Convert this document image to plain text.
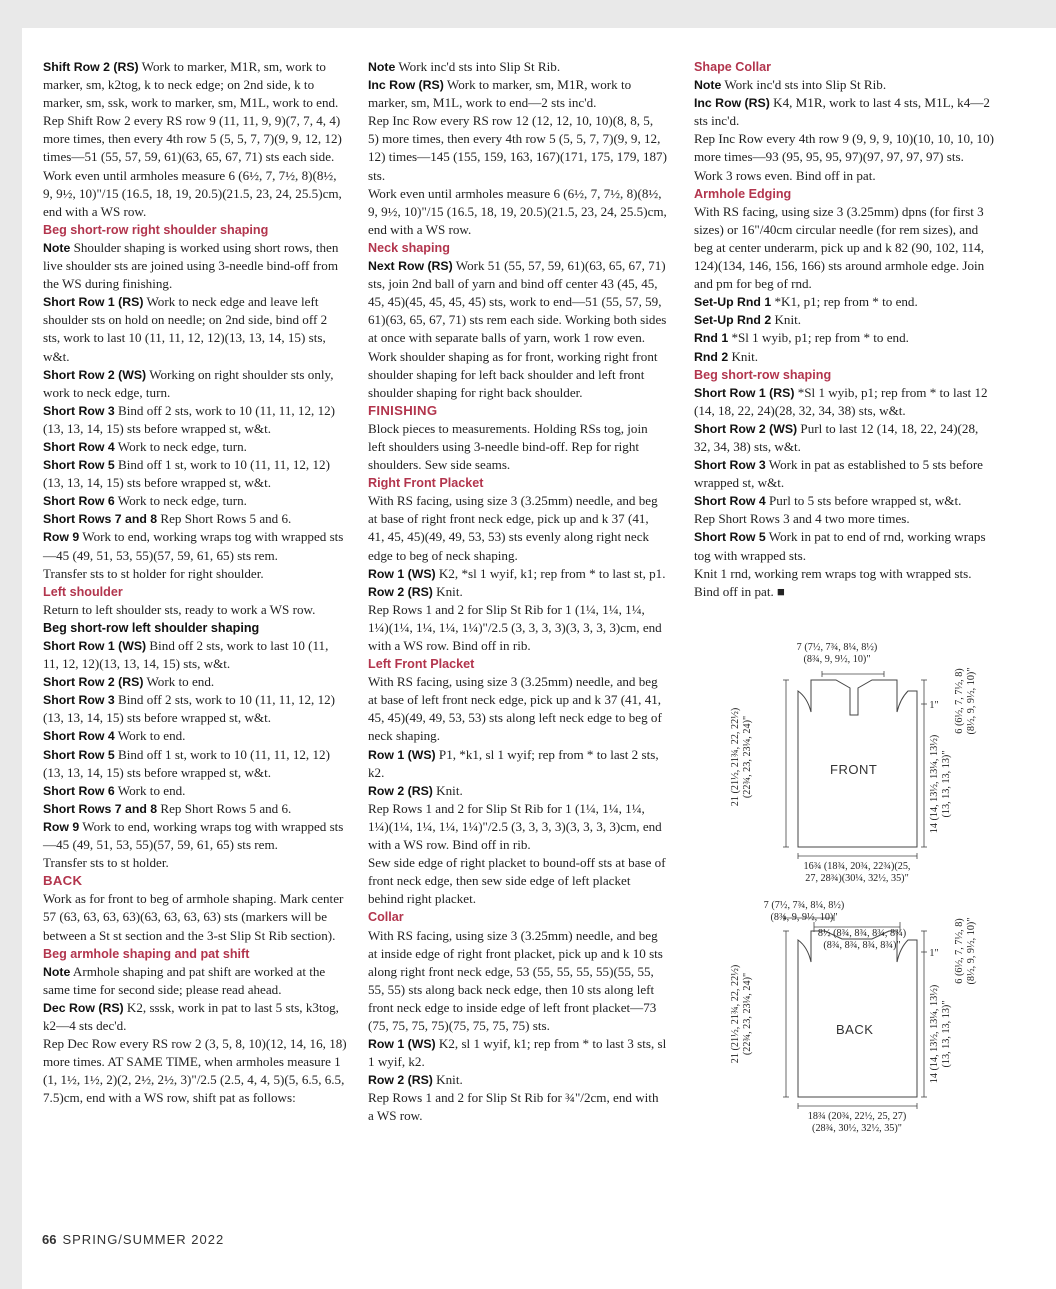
Shift Row 2 (RS) Work to marker, M1R, sm, work to marker, sm, k2tog, k to neck edge; on 2nd side, k to marker, sm, ssk, work to marker, sm, M1L, work to end.

Rep Shift Row 2 every RS row 9 (11, 11, 9, 9)(7, 7, 4, 4) more times, then every 4th row 5 (5, 5, 7, 7)(9, 9, 12, 12) times—51 (55, 57, 59, 61)(63, 65, 67, 71) sts each side.

Work even until armholes measure 6 (6½, 7, 7½, 8)(8½, 9, 9½, 10)"/15 (16.5, 18, 19, 20.5)(21.5, 23, 24, 25.5)cm, end with a WS row.

Beg short-row right shoulder shaping

Note Shoulder shaping is worked using short rows, then live shoulder sts are joined using 3-needle bind-off from the WS during finishing.

Short Row 1 (RS) Work to neck edge and leave left shoulder sts on hold on needle; on 2nd side, bind off 2 sts, work to last 10 (11, 11, 12, 12)(13, 13, 14, 15) sts, w&t.

Short Row 2 (WS) Working on right shoulder sts only, work to neck edge, turn.

Short Row 3 Bind off 2 sts, work to 10 (11, 11, 12, 12)(13, 13, 14, 15) sts before wrapped st, w&t.

Short Row 4 Work to neck edge, turn.

Short Row 5 Bind off 1 st, work to 10 (11, 11, 12, 12)(13, 13, 14, 15) sts before wrapped st, w&t.

Short Row 6 Work to neck edge, turn.

Short Rows 7 and 8 Rep Short Rows 5 and 6.

Row 9 Work to end, working wraps tog with wrapped sts—45 (49, 51, 53, 55)(57, 59, 61, 65) sts rem.

Transfer sts to st holder for right shoulder.

Left shoulder

Return to left shoulder sts, ready to work a WS row.

Beg short-row left shoulder shaping

Short Row 1 (WS) Bind off 2 sts, work to last 10 (11, 11, 12, 12)(13, 13, 14, 15) sts, w&t.

Short Row 2 (RS) Work to end.

Short Row 3 Bind off 2 sts, work to 10 (11, 11, 12, 12)(13, 13, 14, 15) sts before wrapped st, w&t.

Short Row 4 Work to end.

Short Row 5 Bind off 1 st, work to 10 (11, 11, 12, 12)(13, 13, 14, 15) sts before wrapped st, w&t.

Short Row 6 Work to end.

Short Rows 7 and 8 Rep Short Rows 5 and 6.

Row 9 Work to end, working wraps tog with wrapped sts—45 (49, 51, 53, 55)(57, 59, 61, 65) sts rem.

Transfer sts to st holder.

BACK

Work as for front to beg of armhole shaping. Mark center 57 (63, 63, 63, 63)(63, 63, 63, 63) sts (markers will be between a St st section and the 3-st Slip St Rib section).

Beg armhole shaping and pat shift

Note Armhole shaping and pat shift are worked at the same time for second side; please read ahead.

Dec Row (RS) K2, sssk, work in pat to last 5 sts, k3tog, k2—4 sts dec'd.

Rep Dec Row every RS row 2 (3, 5, 8, 10)(12, 14, 16, 18) more times. AT SAME TIME, when armholes measure 1 (1, 1½, 1½, 2)(2, 2½, 2½, 3)"/2.5 (2.5, 4, 4, 5)(5, 6.5, 6.5, 7.5)cm, end with a WS row, shift pat as follows:

Note Work inc'd sts into Slip St Rib.

Inc Row (RS) Work to marker, sm, M1R, work to marker, sm, M1L, work to end—2 sts inc'd.

Rep Inc Row every RS row 12 (12, 12, 10, 10)(8, 8, 5, 5) more times, then every 4th row 5 (5, 5, 7, 7)(9, 9, 12, 12) times—145 (155, 159, 163, 167)(171, 175, 179, 187) sts.

Work even until armholes measure 6 (6½, 7, 7½, 8)(8½, 9, 9½, 10)"/15 (16.5, 18, 19, 20.5)(21.5, 23, 24, 25.5)cm, end with a WS row.

Neck shaping

Next Row (RS) Work 51 (55, 57, 59, 61)(63, 65, 67, 71) sts, join 2nd ball of yarn and bind off center 43 (45, 45, 45, 45)(45, 45, 45, 45) sts, work to end—51 (55, 57, 59, 61)(63, 65, 67, 71) sts rem each side. Working both sides at once with separate balls of yarn, work 1 row even.

Work shoulder shaping as for front, working right front shoulder shaping for left back shoulder and left front shoulder shaping for right back shoulder.

FINISHING

Block pieces to measurements. Holding RSs tog, join left shoulders using 3-needle bind-off. Rep for right shoulders. Sew side seams.

Right Front Placket

With RS facing, using size 3 (3.25mm) needle, and beg at base of right front neck edge, pick up and k 37 (41, 41, 45, 45)(49, 49, 53, 53) sts evenly along right neck edge to beg of neck shaping.

Row 1 (WS) K2, *sl 1 wyif, k1; rep from * to last st, p1.

Row 2 (RS) Knit.

Rep Rows 1 and 2 for Slip St Rib for 1 (1¼, 1¼, 1¼, 1¼)(1¼, 1¼, 1¼, 1¼)"/2.5 (3, 3, 3, 3)(3, 3, 3, 3)cm, end with a WS row. Bind off in rib.

Left Front Placket

With RS facing, using size 3 (3.25mm) needle, and beg at base of left front neck edge, pick up and k 37 (41, 41, 45, 45)(49, 49, 53, 53) sts along left neck edge to beg of neck shaping.

Row 1 (WS) P1, *k1, sl 1 wyif; rep from * to last 2 sts, k2.

Row 2 (RS) Knit.

Rep Rows 1 and 2 for Slip St Rib for 1 (1¼, 1¼, 1¼, 1¼)(1¼, 1¼, 1¼, 1¼)"/2.5 (3, 3, 3, 3)(3, 3, 3, 3)cm, end with a WS row. Bind off in rib.

Sew side edge of right placket to bound-off sts at base of front neck edge, then sew side edge of left placket behind right placket.

Collar

With RS facing, using size 3 (3.25mm) needle, and beg at inside edge of right front placket, pick up and k 10 sts along right front neck edge, 53 (55, 55, 55, 55)(55, 55, 55, 55) sts along back neck edge, then 10 sts along left front neck edge to inside edge of left front placket—73 (75, 75, 75, 75)(75, 75, 75, 75) sts.

Row 1 (WS) K2, sl 1 wyif, k1; rep from * to last 3 sts, sl 1 wyif, k2.

Row 2 (RS) Knit.

Rep Rows 1 and 2 for Slip St Rib for ¾"/2cm, end with a WS row.

Shape Collar

Note Work inc'd sts into Slip St Rib.

Inc Row (RS) K4, M1R, work to last 4 sts, M1L, k4—2 sts inc'd.

Rep Inc Row every 4th row 9 (9, 9, 9, 10)(10, 10, 10, 10) more times—93 (95, 95, 95, 97)(97, 97, 97, 97) sts.

Work 3 rows even. Bind off in pat.

Armhole Edging

With RS facing, using size 3 (3.25mm) dpns (for first 3 sizes) or 16"/40cm circular needle (for rem sizes), and beg at center underarm, pick up and k 82 (90, 102, 114, 124)(134, 146, 156, 166) sts around armhole edge. Join and pm for beg of rnd.

Set-Up Rnd 1 *K1, p1; rep from * to end.

Set-Up Rnd 2 Knit.

Rnd 1 *Sl 1 wyib, p1; rep from * to end.

Rnd 2 Knit.

Beg short-row shaping

Short Row 1 (RS) *Sl 1 wyib, p1; rep from * to last 12 (14, 18, 22, 24)(28, 32, 34, 38) sts, w&t.

Short Row 2 (WS) Purl to last 12 (14, 18, 22, 24)(28, 32, 34, 38) sts, w&t.

Short Row 3 Work in pat as established to 5 sts before wrapped st, w&t.

Short Row 4 Purl to 5 sts before wrapped st, w&t.

Rep Short Rows 3 and 4 two more times.

Short Row 5 Work in pat to end of rnd, working wraps tog with wrapped sts.

Knit 1 rnd, working rem wraps tog with wrapped sts. Bind off in pat. ■

7 (7½, 7¾, 8¼, 8½)
(8¾, 9, 9½, 10)"
FRONT
21 (21½, 21¾, 22, 22½) (22¾, 23, 23¼, 24)"
1" 6 (6½, 7, 7½, 8) (8½, 9, 9½, 10)"
14 (14, 13½, 13¼, 13½) (13, 13, 13, 13)"
16¾ (18¾, 20¾, 22¾)(25,
27, 28¾)(30¼, 32½, 35)"
7 (7½, 7¾, 8¼, 8½)
(8¾, 9, 9½, 10)"
8½ (8¾, 8¾, 8¾, 8¾)
(8¾, 8¾, 8¾, 8¾)"
BACK
21 (21½, 21¾, 22, 22½) (22¾, 23, 23¼, 24)"
1" 6 (6½, 7, 7½, 8) (8½, 9, 9½, 10)"
14 (14, 13½, 13¼, 13½) (13, 13, 13, 13)"
18¾ (20¾, 22½, 25, 27)
(28¾, 30½, 32½, 35)"
66 SPRING/SUMMER 2022
